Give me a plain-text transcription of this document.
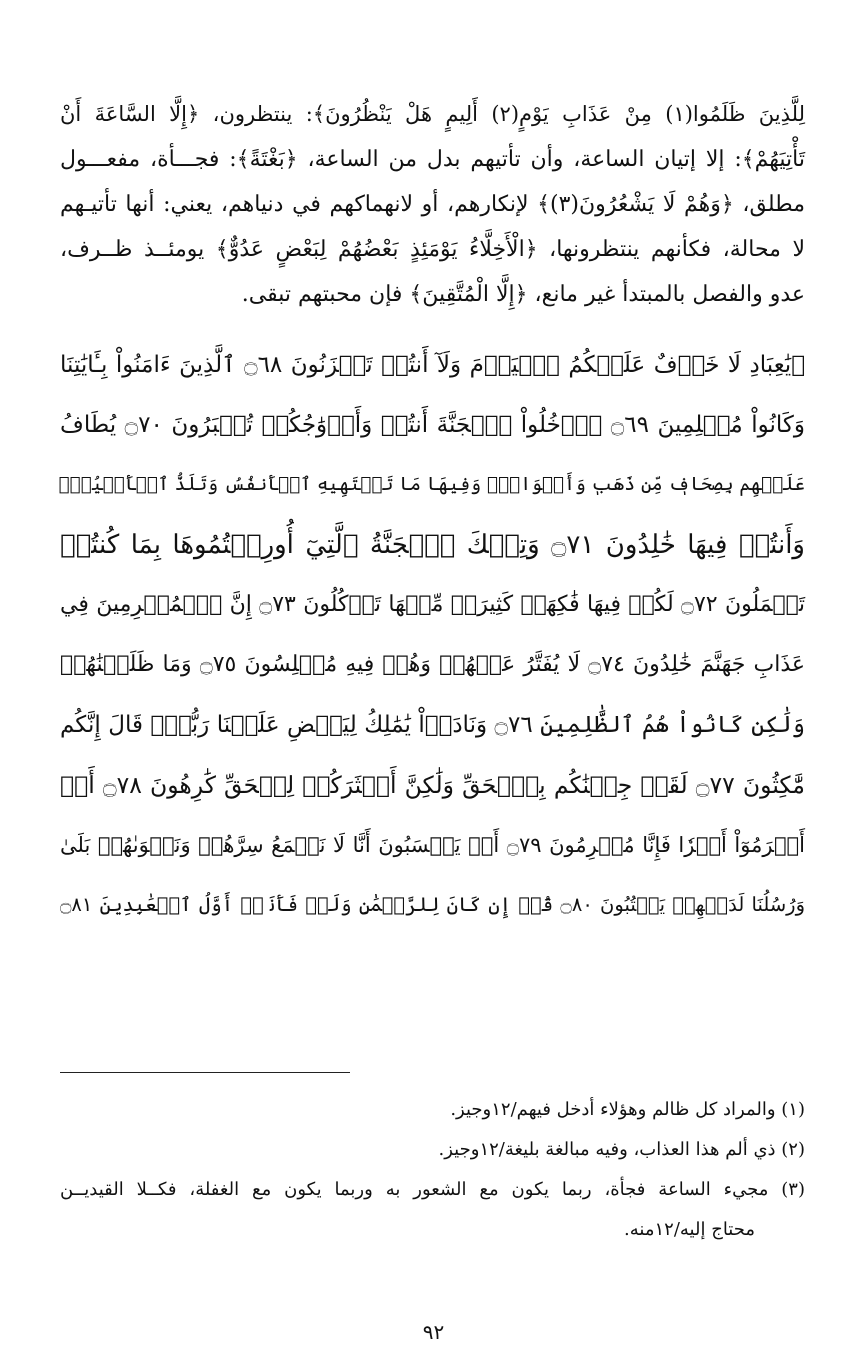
لِلَّذِينَ ظَلَمُوا(١) مِنْ عَذَابِ يَوْمٍ(٢) أَلِيمٍ هَلْ يَنْظُرُونَ﴾: ينتظرون، ﴿إِلَّا السَّاعَةَ أَنْ
تَأْتِيَهُمْ﴾: إلا إتيان الساعة، وأن تأتيهم بدل من الساعة، ﴿بَغْتَةً﴾: فجـــأة، مفعـــول
مطلق، ﴿وَهُمْ لَا يَشْعُرُونَ(٣)﴾ لإنكارهم، أو لانهماكهم في دنياهم، يعني: أنها تأتيـهم
لا محالة، فكأنهم ينتظرونها، ﴿الْأَخِلَّاءُ يَوْمَئِذٍ بَعْضُهُمْ لِبَعْضٍ عَدُوٌّ﴾ يومئــذ ظــرف،
عدو والفصل بالمبتدأ غير مانع، ﴿إِلَّا الْمُتَّقِينَ﴾ فإن محبتهم تبقى.
﴿يَٰعِبَادِ لَا خَوۡفٌ عَلَيۡكُمُ ٱلۡيَوۡمَ وَلَآ أَنتُمۡ تَحۡزَنُونَ ۝٦٨ ٱلَّذِينَ ءَامَنُواْ بِـَٔايَٰتِنَا
وَكَانُواْ مُسۡلِمِينَ ۝٦٩ ٱدۡخُلُواْ ٱلۡجَنَّةَ أَنتُمۡ وَأَزۡوَٰجُكُمۡ تُحۡبَرُونَ ۝٧٠ يُطَافُ
عَلَيۡهِم بِصِحَافٖ مِّن ذَهَبٖ وَأَكۡوَابٖۖ وَفِيهَا مَا تَشۡتَهِيهِ ٱلۡأَنفُسُ وَتَلَذُّ ٱلۡأَعۡيُنُۖ
وَأَنتُمۡ فِيهَا خَٰلِدُونَ ۝٧١ وَتِلۡكَ ٱلۡجَنَّةُ ٱلَّتِيٓ أُورِثۡتُمُوهَا بِمَا كُنتُمۡ
تَعۡمَلُونَ ۝٧٢ لَكُمۡ فِيهَا فَٰكِهَةٞ كَثِيرَةٞ مِّنۡهَا تَأۡكُلُونَ ۝٧٣ إِنَّ ٱلۡمُجۡرِمِينَ فِي
عَذَابِ جَهَنَّمَ خَٰلِدُونَ ۝٧٤ لَا يُفَتَّرُ عَنۡهُمۡ وَهُمۡ فِيهِ مُبۡلِسُونَ ۝٧٥ وَمَا ظَلَمۡنَٰهُمۡ
وَلَٰكِن كَانُواْ هُمُ ٱلظَّٰلِمِينَ ۝٧٦ وَنَادَوۡاْ يَٰمَٰلِكُ لِيَقۡضِ عَلَيۡنَا رَبُّكَۖ قَالَ إِنَّكُم
مَّٰكِثُونَ ۝٧٧ لَقَدۡ جِئۡنَٰكُم بِٱلۡحَقِّ وَلَٰكِنَّ أَكۡثَرَكُمۡ لِلۡحَقِّ كَٰرِهُونَ ۝٧٨ أَمۡ
أَبۡرَمُوٓاْ أَمۡرٗا فَإِنَّا مُبۡرِمُونَ ۝٧٩ أَمۡ يَحۡسَبُونَ أَنَّا لَا نَسۡمَعُ سِرَّهُمۡ وَنَجۡوَىٰهُمۚ بَلَىٰ
وَرُسُلُنَا لَدَيۡهِمۡ يَكۡتُبُونَ ۝٨٠ قُلۡ إِن كَانَ لِلرَّحۡمَٰنِ وَلَدٞ فَأَنَا۠ أَوَّلُ ٱلۡعَٰبِدِينَ ۝٨١
(١) والمراد كل ظالم وهؤلاء أدخل فيهم/١٢وجيز.
(٢) ذي ألم هذا العذاب، وفيه مبالغة بليغة/١٢وجيز.
(٣) مجيء الساعة فجأة، ربما يكون مع الشعور به وربما يكون مع الغفلة، فكــلا القيديــن
محتاج إليه/١٢منه.
٩٢
